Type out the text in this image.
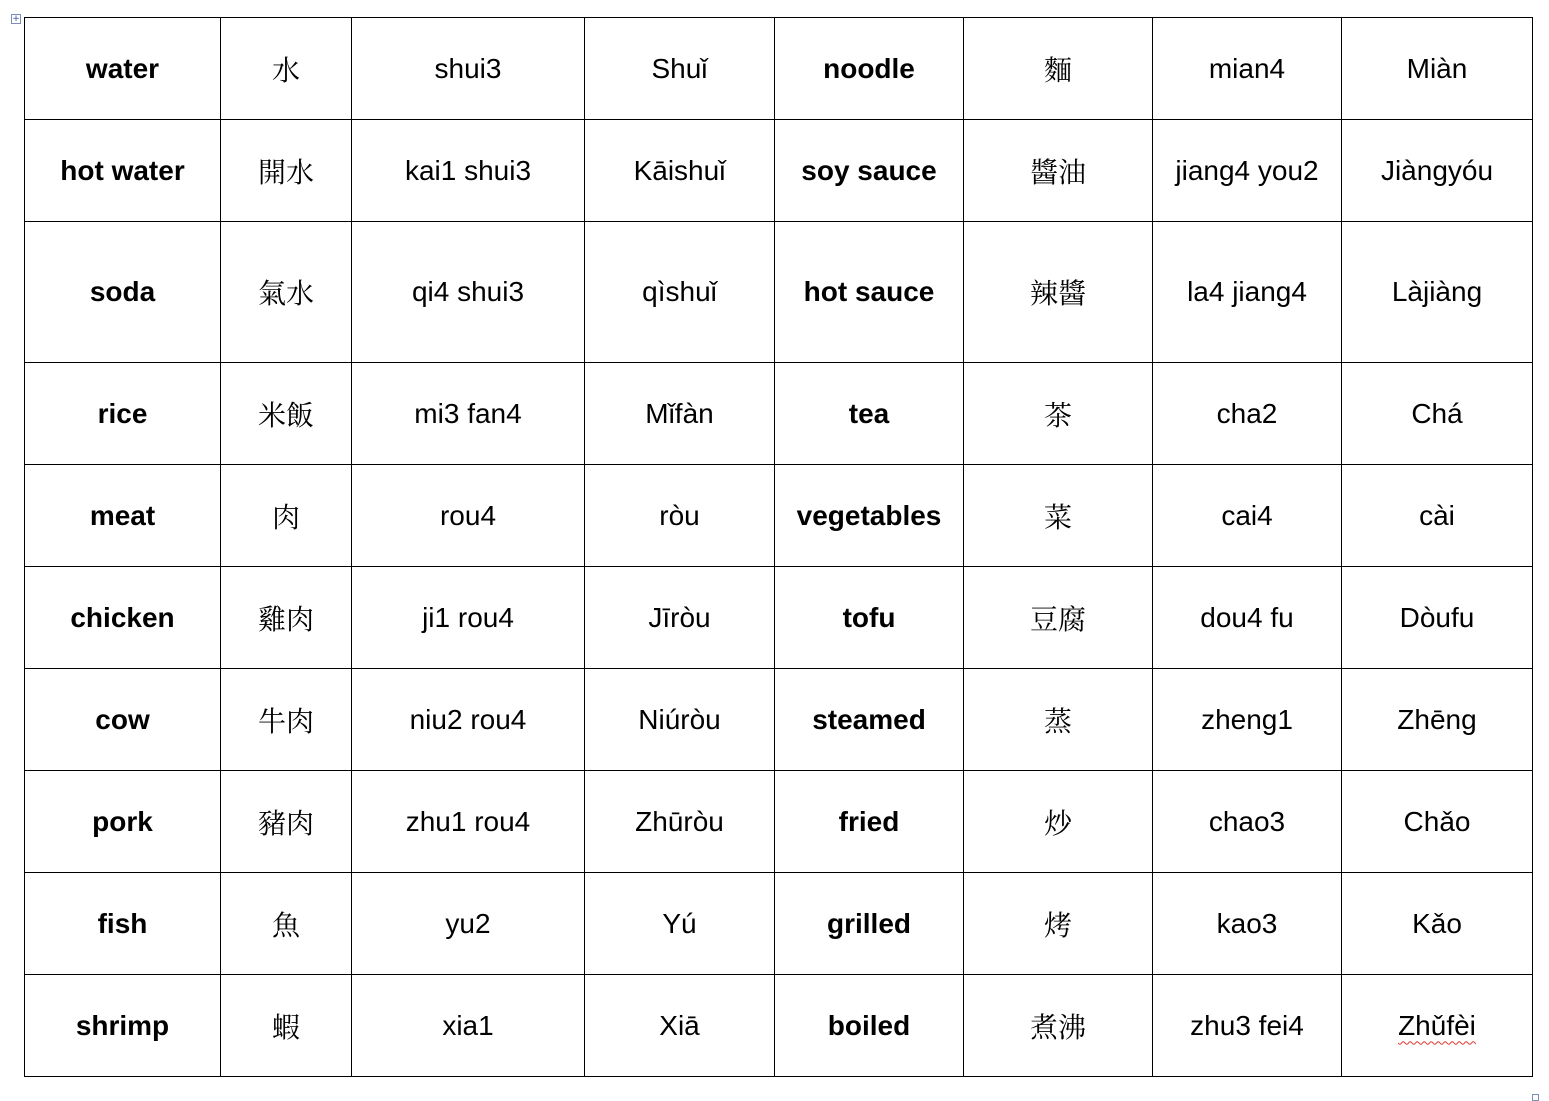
+
water	水	shui3	Shuǐ	noodle	麵	mian4	Miàn
hot water	開水	kai1 shui3	Kāishuǐ	soy sauce	醬油	jiang4 you2	Jiàngyóu
soda	氣水	qi4 shui3	qìshuǐ	hot sauce	辣醬	la4 jiang4	Làjiàng
rice	米飯	mi3 fan4	Mǐfàn	tea	茶	cha2	Chá
meat	肉	rou4	ròu	vegetables	菜	cai4	cài
chicken	雞肉	ji1 rou4	Jīròu	tofu	豆腐	dou4 fu	Dòufu
cow	牛肉	niu2 rou4	Niúròu	steamed	蒸	zheng1	Zhēng
pork	豬肉	zhu1 rou4	Zhūròu	fried	炒	chao3	Chǎo
fish	魚	yu2	Yú	grilled	烤	kao3	Kǎo
shrimp	蝦	xia1	Xiā	boiled	煮沸	zhu3 fei4	Zhǔfèi
